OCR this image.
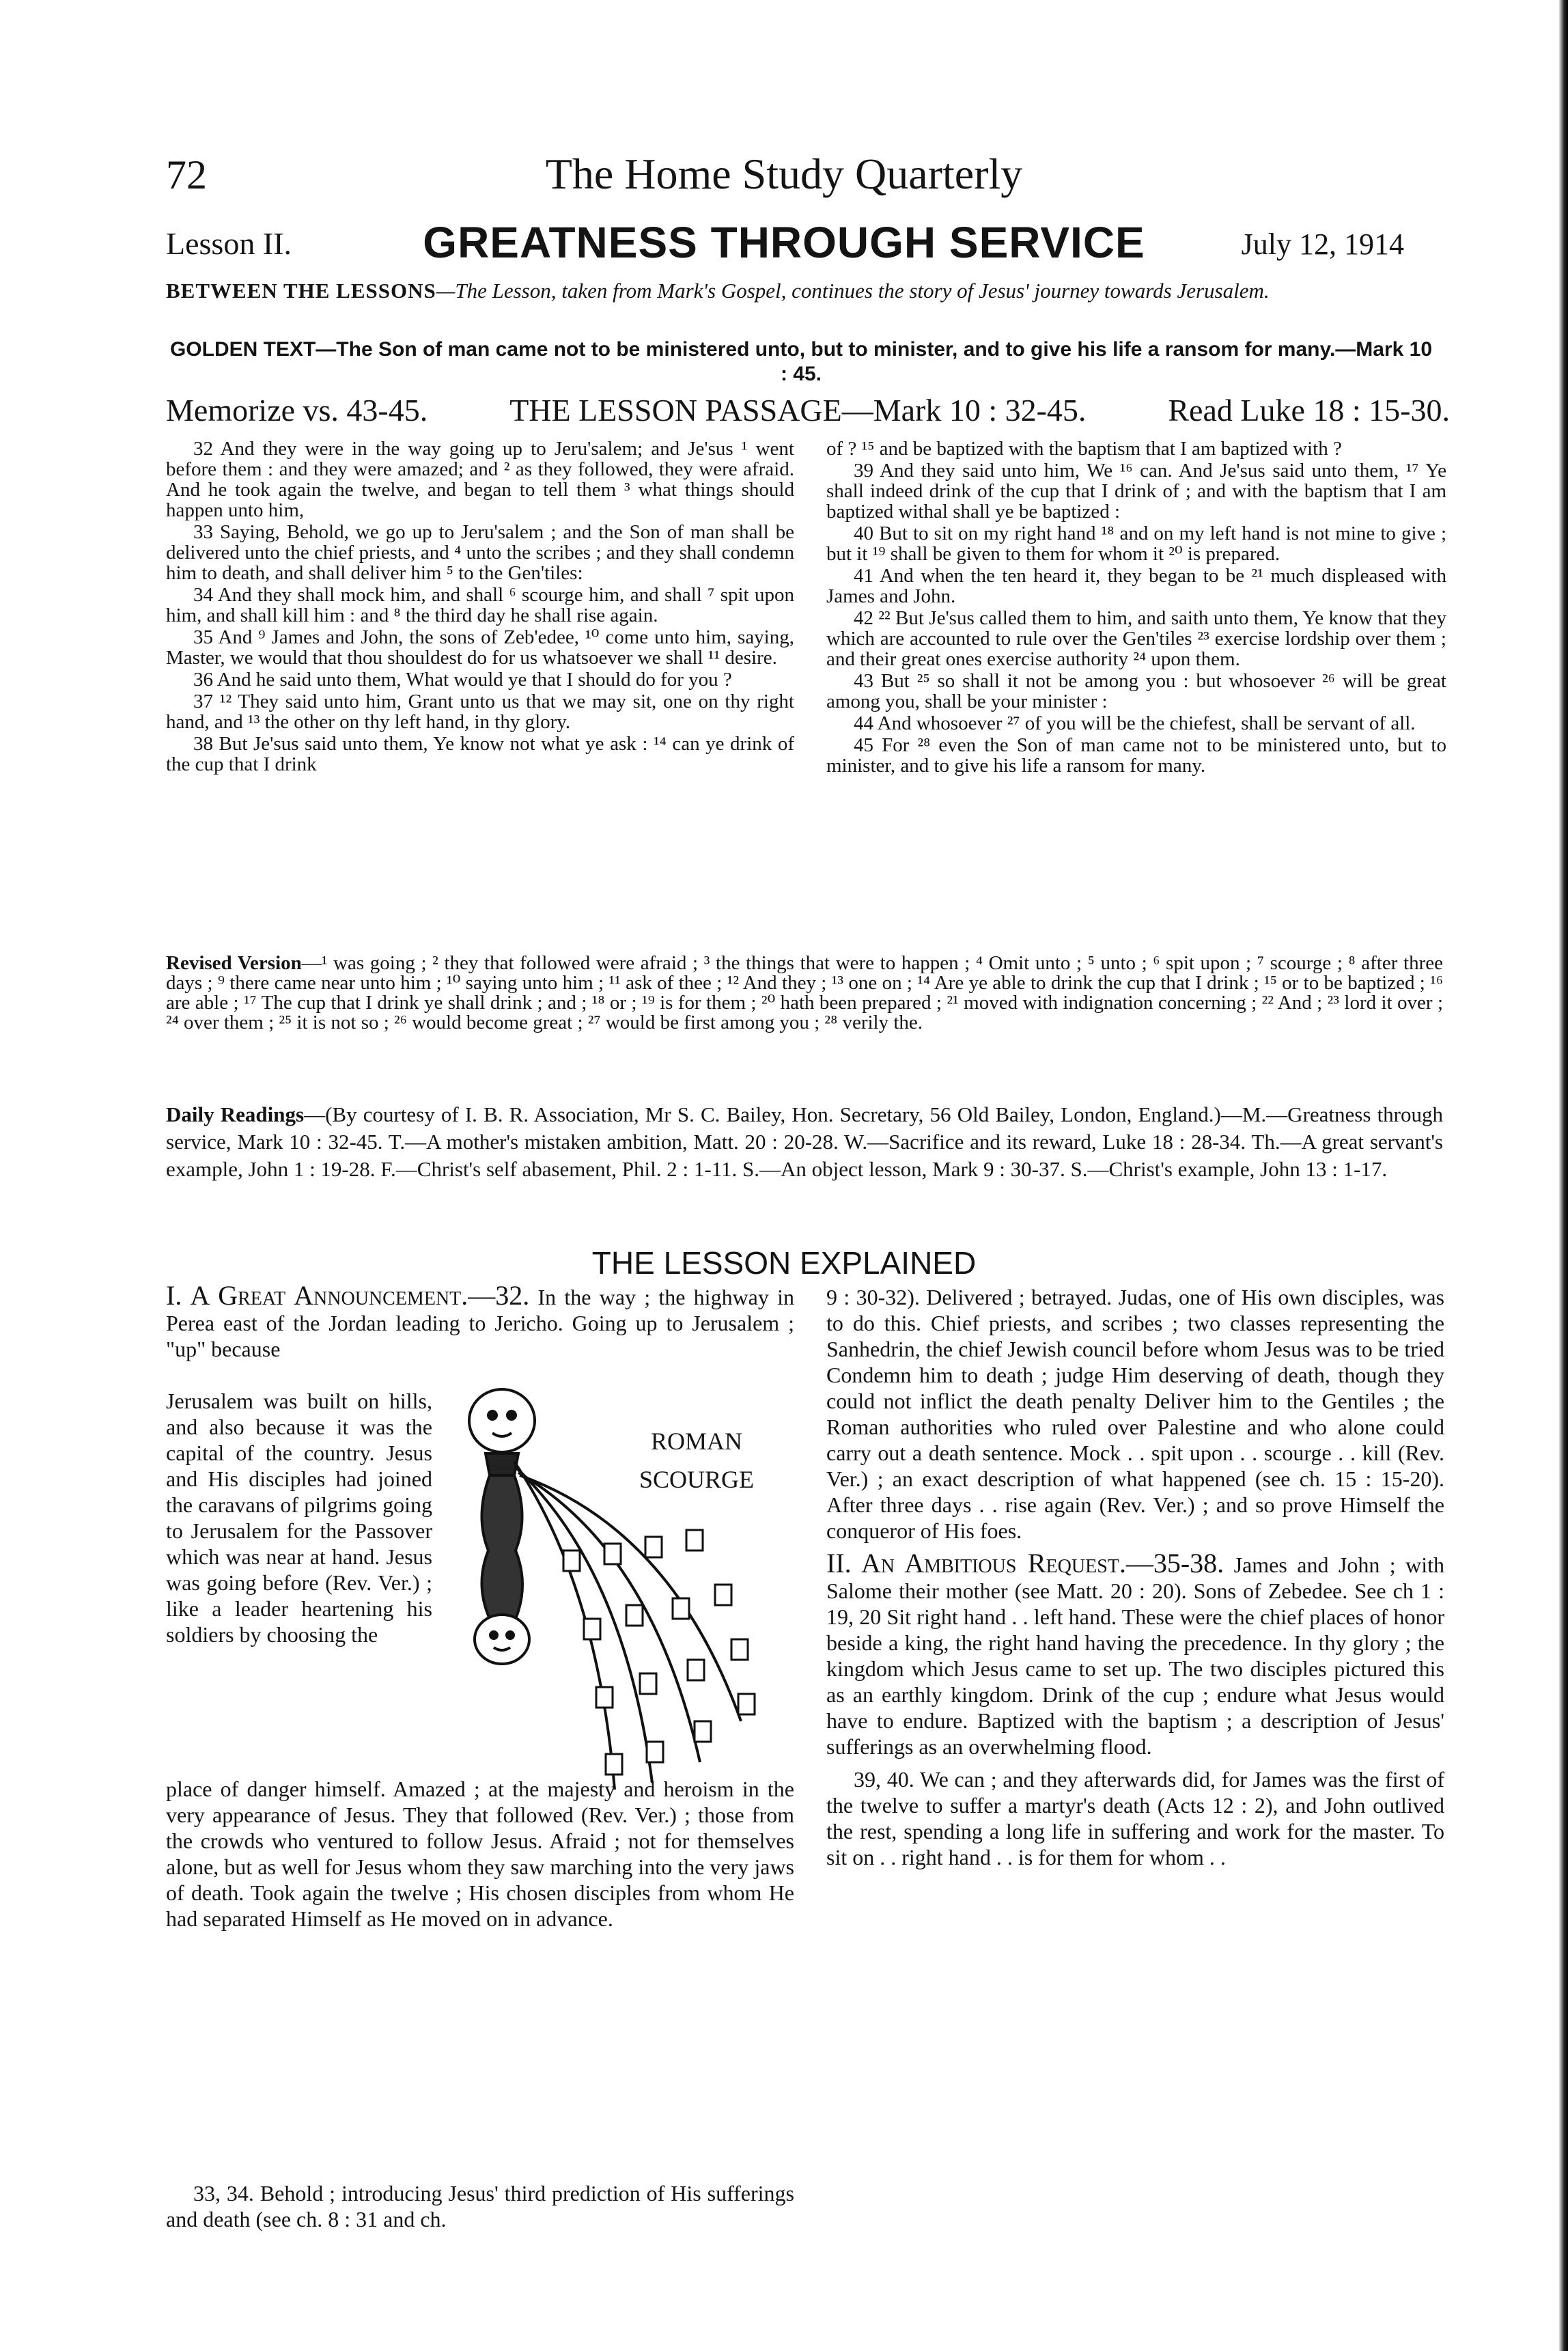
72	The Home Study Quarterly
Lesson II.	GREATNESS THROUGH SERVICE	July 12, 1914
BETWEEN THE LESSONS—The Lesson, taken from Mark's Gospel, continues the story of Jesus' journey towards Jerusalem.
GOLDEN TEXT—The Son of man came not to be ministered unto, but to minister, and to give his life a ransom for many.—Mark 10 : 45.
Memorize vs. 43-45.	THE LESSON PASSAGE—Mark 10 : 32-45.	Read Luke 18 : 15-30.

32 And they were in the way going up to Jeru'salem; and Je'sus ¹ went before them : and they were amazed; and ² as they followed, they were afraid. And he took again the twelve, and began to tell them ³ what things should happen unto him,

33 Saying, Behold, we go up to Jeru'salem ; and the Son of man shall be delivered unto the chief priests, and ⁴ unto the scribes ; and they shall condemn him to death, and shall deliver him ⁵ to the Gen'tiles:

34 And they shall mock him, and shall ⁶ scourge him, and shall ⁷ spit upon him, and shall kill him : and ⁸ the third day he shall rise again.

35 And ⁹ James and John, the sons of Zeb'edee, ¹⁰ come unto him, saying, Master, we would that thou shouldest do for us whatsoever we shall ¹¹ desire.

36 And he said unto them, What would ye that I should do for you ?

37 ¹² They said unto him, Grant unto us that we may sit, one on thy right hand, and ¹³ the other on thy left hand, in thy glory.

38 But Je'sus said unto them, Ye know not what ye ask : ¹⁴ can ye drink of the cup that I drink

of ? ¹⁵ and be baptized with the baptism that I am baptized with ?

39 And they said unto him, We ¹⁶ can. And Je'sus said unto them, ¹⁷ Ye shall indeed drink of the cup that I drink of ; and with the baptism that I am baptized withal shall ye be baptized :

40 But to sit on my right hand ¹⁸ and on my left hand is not mine to give ; but it ¹⁹ shall be given to them for whom it ²⁰ is prepared.

41 And when the ten heard it, they began to be ²¹ much displeased with James and John.

42 ²² But Je'sus called them to him, and saith unto them, Ye know that they which are accounted to rule over the Gen'tiles ²³ exercise lordship over them ; and their great ones exercise authority ²⁴ upon them.

43 But ²⁵ so shall it not be among you : but whosoever ²⁶ will be great among you, shall be your minister :

44 And whosoever ²⁷ of you will be the chiefest, shall be servant of all.

45 For ²⁸ even the Son of man came not to be ministered unto, but to minister, and to give his life a ransom for many.

Revised Version—¹ was going ; ² they that followed were afraid ; ³ the things that were to happen ; ⁴ Omit unto ; ⁵ unto ; ⁶ spit upon ; ⁷ scourge ; ⁸ after three days ; ⁹ there came near unto him ; ¹⁰ saying unto him ; ¹¹ ask of thee ; ¹² And they ; ¹³ one on ; ¹⁴ Are ye able to drink the cup that I drink ; ¹⁵ or to be baptized ; ¹⁶ are able ; ¹⁷ The cup that I drink ye shall drink ; and ; ¹⁸ or ; ¹⁹ is for them ; ²⁰ hath been prepared ; ²¹ moved with indignation concerning ; ²² And ; ²³ lord it over ; ²⁴ over them ; ²⁵ it is not so ; ²⁶ would become great ; ²⁷ would be first among you ; ²⁸ verily the.
Daily Readings—(By courtesy of I. B. R. Association, Mr S. C. Bailey, Hon. Secretary, 56 Old Bailey, London, England.)—M.—Greatness through service, Mark 10 : 32-45. T.—A mother's mistaken ambition, Matt. 20 : 20-28. W.—Sacrifice and its reward, Luke 18 : 28-34. Th.—A great servant's example, John 1 : 19-28. F.—Christ's self abasement, Phil. 2 : 1-11. S.—An object lesson, Mark 9 : 30-37. S.—Christ's example, John 13 : 1-17.
THE LESSON EXPLAINED

I. A Great Announcement.—32. In the way ; the highway in Perea east of the Jordan leading to Jericho. Going up to Jerusalem ; "up" because

Jerusalem was built on hills, and also because it was the capital of the country. Jesus and His disciples had joined the caravans of pilgrims going to Jerusalem for the Passover which was near at hand. Jesus was going before (Rev. Ver.) ; like a leader heartening his soldiers by choosing the
ROMAN
SCOURGE

place of danger himself. Amazed ; at the majesty and heroism in the very appearance of Jesus. They that followed (Rev. Ver.) ; those from the crowds who ventured to follow Jesus. Afraid ; not for themselves alone, but as well for Jesus whom they saw marching into the very jaws of death. Took again the twelve ; His chosen disciples from whom He had separated Himself as He moved on in advance.

33, 34. Behold ; introducing Jesus' third prediction of His sufferings and death (see ch. 8 : 31 and ch.

9 : 30-32). Delivered ; betrayed. Judas, one of His own disciples, was to do this. Chief priests, and scribes ; two classes representing the Sanhedrin, the chief Jewish council before whom Jesus was to be tried Condemn him to death ; judge Him deserving of death, though they could not inflict the death penalty Deliver him to the Gentiles ; the Roman authorities who ruled over Palestine and who alone could carry out a death sentence. Mock . . spit upon . . scourge . . kill (Rev. Ver.) ; an exact description of what happened (see ch. 15 : 15-20). After three days . . rise again (Rev. Ver.) ; and so prove Himself the conqueror of His foes.

II. An Ambitious Request.—35-38. James and John ; with Salome their mother (see Matt. 20 : 20). Sons of Zebedee. See ch 1 : 19, 20 Sit right hand . . left hand. These were the chief places of honor beside a king, the right hand having the precedence. In thy glory ; the kingdom which Jesus came to set up. The two disciples pictured this as an earthly kingdom. Drink of the cup ; endure what Jesus would have to endure. Baptized with the baptism ; a description of Jesus' sufferings as an overwhelming flood.

39, 40. We can ; and they afterwards did, for James was the first of the twelve to suffer a martyr's death (Acts 12 : 2), and John outlived the rest, spending a long life in suffering and work for the master. To sit on . . right hand . . is for them for whom . .
